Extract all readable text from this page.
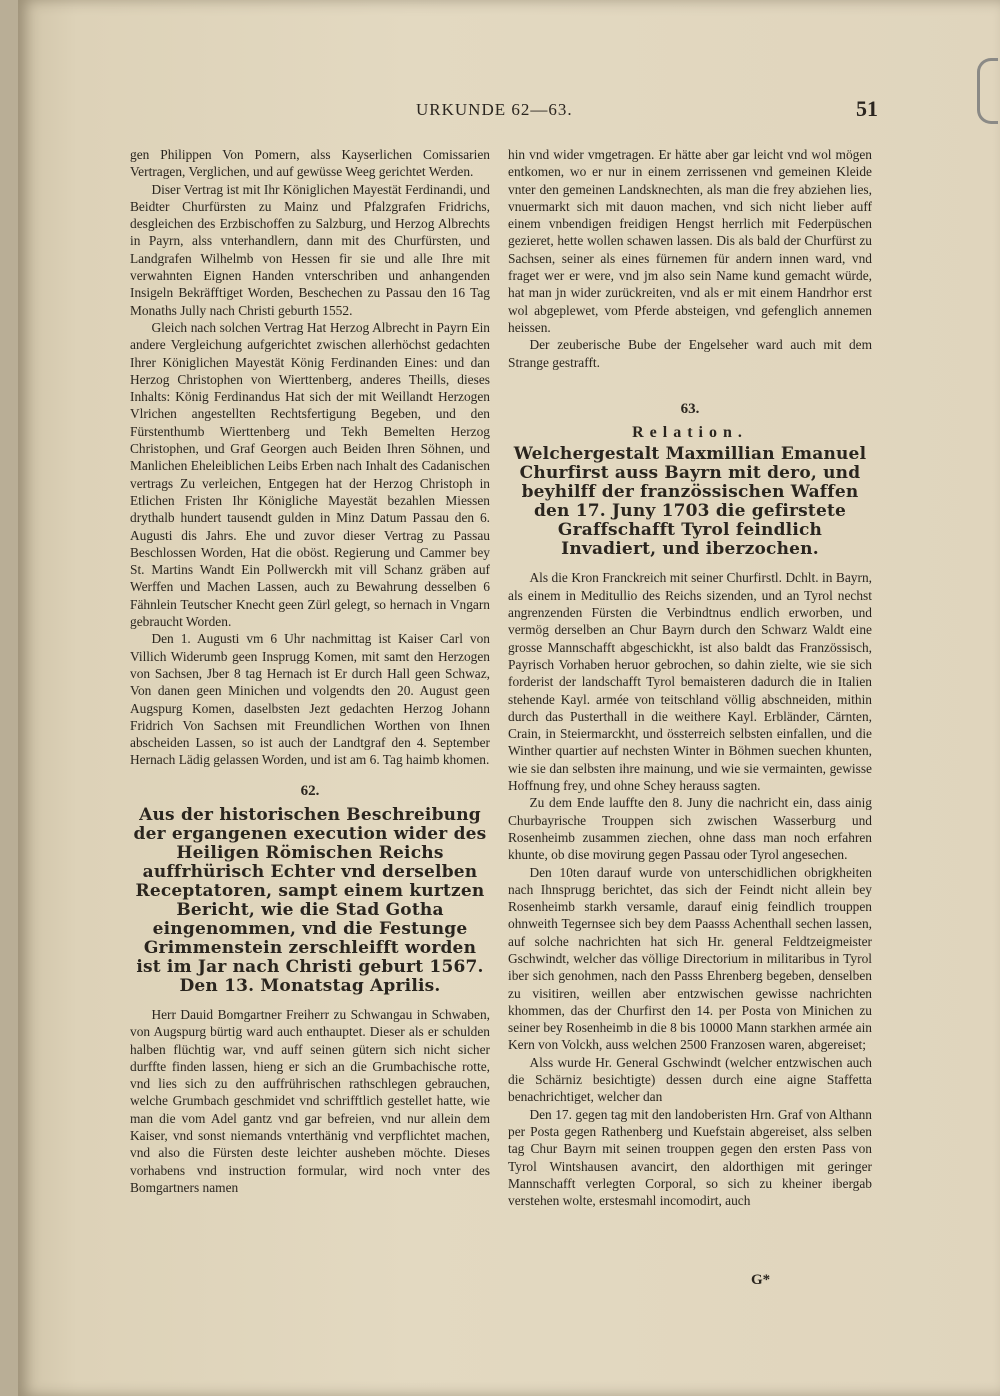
URKUNDE 62—63.	51

gen Philippen Von Pomern, alss Kayserlichen Comissarien Vertragen, Verglichen, und auf gewüsse Weeg gerichtet Werden.

Diser Vertrag ist mit Ihr Königlichen Mayestät Ferdinandi, und Beidter Churfürsten zu Mainz und Pfalzgrafen Fridrichs, desgleichen des Erzbischoffen zu Salzburg, und Herzog Albrechts in Payrn, alss vnterhandlern, dann mit des Churfürsten, und Landgrafen Wilhelmb von Hessen fir sie und alle Ihre mit verwahnten Eignen Handen vnterschriben und anhangenden Insigeln Bekräfftiget Worden, Beschechen zu Passau den 16 Tag Monaths Jully nach Christi geburth 1552.

Gleich nach solchen Vertrag Hat Herzog Albrecht in Payrn Ein andere Vergleichung aufgerichtet zwischen allerhöchst gedachten Ihrer Königlichen Mayestät König Ferdinanden Eines: und dan Herzog Christophen von Wierttenberg, anderes Theills, dieses Inhalts: König Ferdinandus Hat sich der mit Weillandt Herzogen Vlrichen angestellten Rechtsfertigung Begeben, und den Fürstenthumb Wierttenberg und Tekh Bemelten Herzog Christophen, und Graf Georgen auch Beiden Ihren Söhnen, und Manlichen Eheleiblichen Leibs Erben nach Inhalt des Cadanischen vertrags Zu verleichen, Entgegen hat der Herzog Christoph in Etlichen Fristen Ihr Königliche Mayestät bezahlen Miessen drythalb hundert tausendt gulden in Minz Datum Passau den 6. Augusti dis Jahrs. Ehe und zuvor dieser Vertrag zu Passau Beschlossen Worden, Hat die oböst. Regierung und Cammer bey St. Martins Wandt Ein Pollwerckh mit vill Schanz gräben auf Werffen und Machen Lassen, auch zu Bewahrung desselben 6 Fähnlein Teutscher Knecht geen Zürl gelegt, so hernach in Vngarn gebraucht Worden.

Den 1. Augusti vm 6 Uhr nachmittag ist Kaiser Carl von Villich Widerumb geen Insprugg Komen, mit samt den Herzogen von Sachsen, Jber 8 tag Hernach ist Er durch Hall geen Schwaz, Von danen geen Minichen und volgendts den 20. August geen Augspurg Komen, daselbsten Jezt gedachten Herzog Johann Fridrich Von Sachsen mit Freundlichen Worthen von Ihnen abscheiden Lassen, so ist auch der Landtgraf den 4. September Hernach Lädig gelassen Worden, und ist am 6. Tag haimb khomen.

62.
Aus der historischen Beschreibung der ergangenen execution wider des Heiligen Römischen Reichs auffrhürisch Echter vnd derselben Receptatoren, sampt einem kurtzen Bericht, wie die Stad Gotha eingenommen, vnd die Festunge Grimmenstein zerschleifft worden ist im Jar nach Christi geburt 1567. Den 13. Monatstag Aprilis.

Herr Dauid Bomgartner Freiherr zu Schwangau in Schwaben, von Augspurg bürtig ward auch enthauptet. Dieser als er schulden halben flüchtig war, vnd auff seinen gütern sich nicht sicher durffte finden lassen, hieng er sich an die Grumbachische rotte, vnd lies sich zu den auffrührischen rathschlegen gebrauchen, welche Grumbach geschmidet vnd schrifftlich gestellet hatte, wie man die vom Adel gantz vnd gar befreien, vnd nur allein dem Kaiser, vnd sonst niemands vnterthänig vnd verpflichtet machen, vnd also die Fürsten deste leichter ausheben möchte. Dieses vorhabens vnd instruction formular, wird noch vnter des Bomgartners namen

hin vnd wider vmgetragen. Er hätte aber gar leicht vnd wol mögen entkomen, wo er nur in einem zerrissenen vnd gemeinen Kleide vnter den gemeinen Landsknechten, als man die frey abziehen lies, vnuermarkt sich mit dauon machen, vnd sich nicht lieber auff einem vnbendigen freidigen Hengst herrlich mit Federpüschen gezieret, hette wollen schawen lassen. Dis als bald der Churfürst zu Sachsen, seiner als eines fürnemen für andern innen ward, vnd fraget wer er were, vnd jm also sein Name kund gemacht würde, hat man jn wider zurückreiten, vnd als er mit einem Handrhor erst wol abgeplewet, vom Pferde absteigen, vnd gefenglich annemen heissen.

Der zeuberische Bube der Engelseher ward auch mit dem Strange gestrafft.

63.
Relation.
Welchergestalt Maxmillian Emanuel Churfirst auss Bayrn mit dero, und beyhilff der französsischen Waffen den 17. Juny 1703 die gefirstete Graffschafft Tyrol feindlich Invadiert, und iberzochen.

Als die Kron Franckreich mit seiner Churfirstl. Dchlt. in Bayrn, als einem in Meditullio des Reichs sizenden, und an Tyrol nechst angrenzenden Fürsten die Verbindtnus endlich erworben, und vermög derselben an Chur Bayrn durch den Schwarz Waldt eine grosse Mannschafft abgeschickht, ist also baldt das Französsisch, Payrisch Vorhaben heruor gebrochen, so dahin zielte, wie sie sich forderist der landschafft Tyrol bemaisteren dadurch die in Italien stehende Kayl. armée von teitschland völlig abschneiden, mithin durch das Pusterthall in die weithere Kayl. Erbländer, Cärnten, Crain, in Steiermarckht, und össterreich selbsten einfallen, und die Winther quartier auf nechsten Winter in Böhmen suechen khunten, wie sie dan selbsten ihre mainung, und wie sie vermainten, gewisse Hoffnung frey, und ohne Schey herauss sagten.

Zu dem Ende lauffte den 8. Juny die nachricht ein, dass ainig Churbayrische Trouppen sich zwischen Wasserburg und Rosenheimb zusammen ziechen, ohne dass man noch erfahren khunte, ob dise movirung gegen Passau oder Tyrol angesechen.

Den 10ten darauf wurde von unterschidlichen obrigkheiten nach Ihnsprugg berichtet, das sich der Feindt nicht allein bey Rosenheimb starkh versamle, darauf einig feindlich trouppen ohnweith Tegernsee sich bey dem Paasss Achenthall sechen lassen, auf solche nachrichten hat sich Hr. general Feldtzeigmeister Gschwindt, welcher das völlige Directorium in militaribus in Tyrol iber sich genohmen, nach den Passs Ehrenberg begeben, denselben zu visitiren, weillen aber entzwischen gewisse nachrichten khommen, das der Churfirst den 14. per Posta von Minichen zu seiner bey Rosenheimb in die 8 bis 10000 Mann starkhen armée ain Kern von Volckh, auss welchen 2500 Franzosen waren, abgereiset;

Alss wurde Hr. General Gschwindt (welcher entzwischen auch die Schärniz besichtigte) dessen durch eine aigne Staffetta benachrichtiget, welcher dan

Den 17. gegen tag mit den landoberisten Hrn. Graf von Althann per Posta gegen Rathenberg und Kuefstain abgereiset, alss selben tag Chur Bayrn mit seinen trouppen gegen den ersten Pass von Tyrol Wintshausen avancirt, den aldorthigen mit geringer Mannschafft verlegten Corporal, so sich zu kheiner ibergab verstehen wolte, erstesmahl incomodirt, auch

G*
